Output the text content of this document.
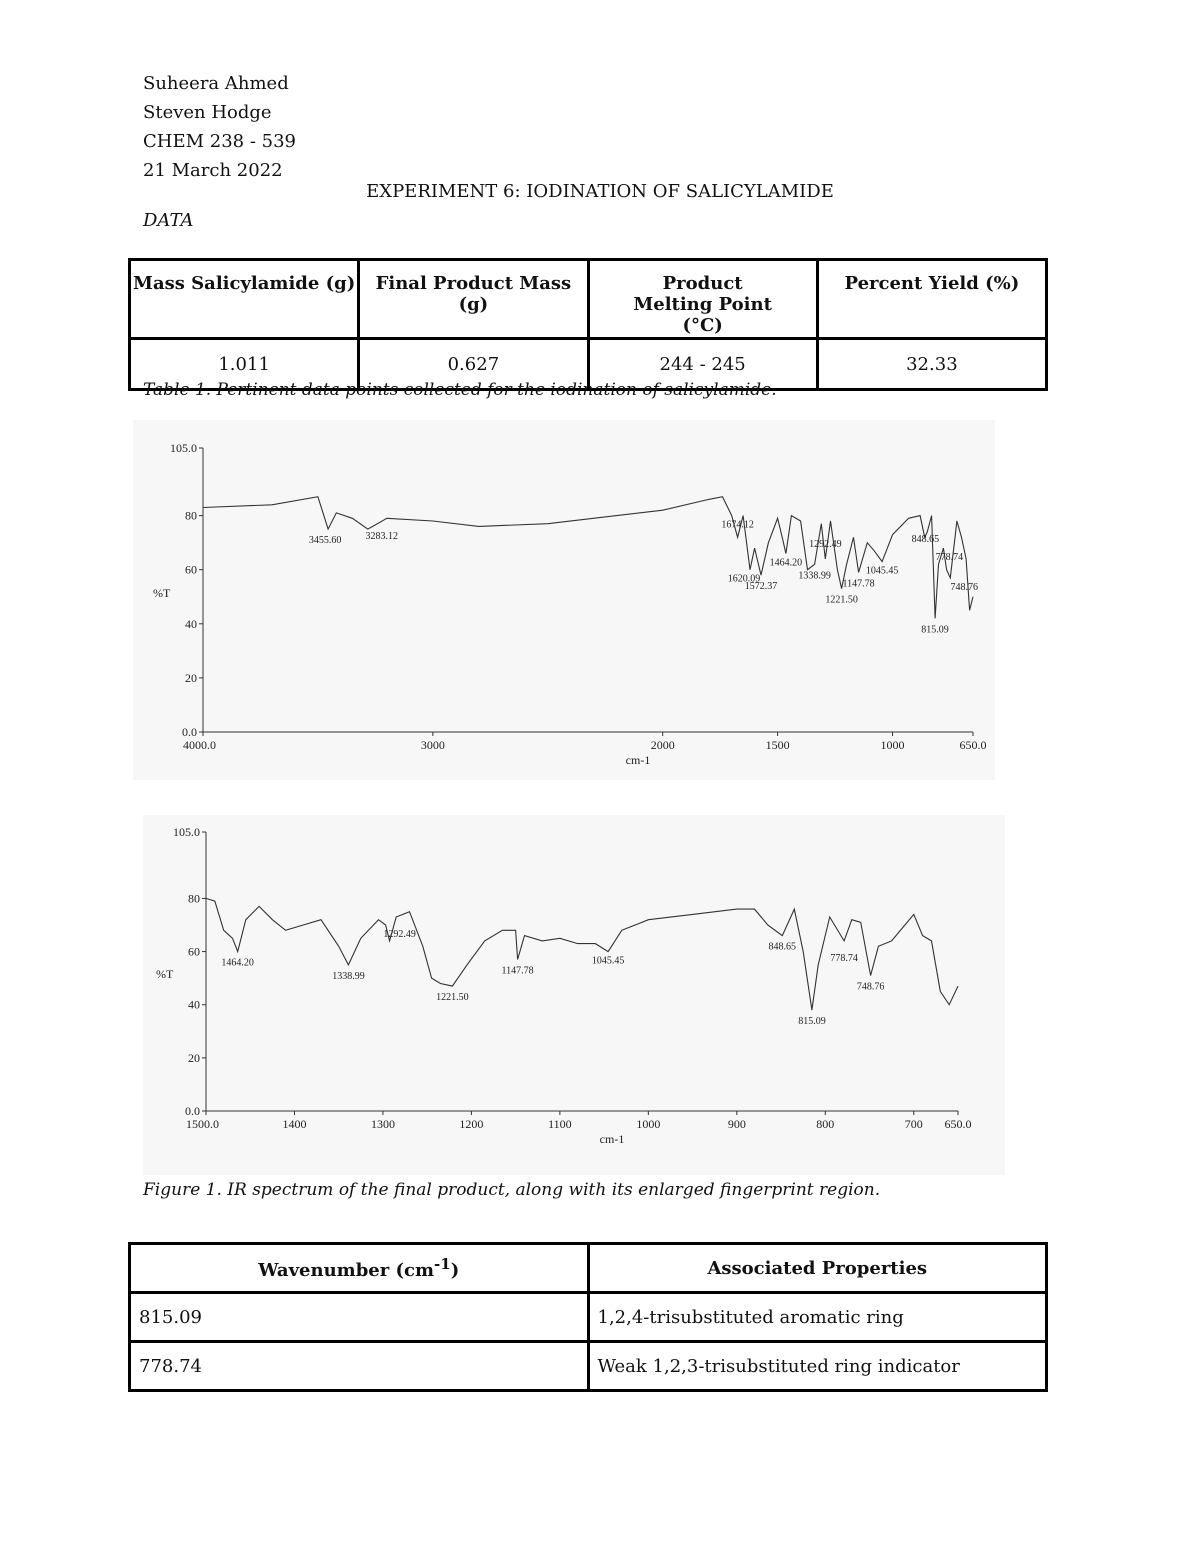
Suheera Ahmed
Steven Hodge
CHEM 238 - 539
21 March 2022
EXPERIMENT 6: IODINATION OF SALICYLAMIDE
DATA
Mass Salicylamide (g)	Final Product Mass (g)	Product Melting Point (°C)	Percent Yield (%)
1.011	0.627	244 - 245	32.33
Table 1. Pertinent data points collected for the iodination of salicylamide.
0.0
20
40
60
80
105.0
4000.0	3000	2000	1500	1000	650.0
cm-1
%T
3455.60 3283.12
1674.12
1620.09
1572.37
1464.20
1338.99
1292.49
1221.50
1147.78
1045.45
848.65
778.74
748.76
815.09
0.0
20
40
60
80
105.0
1500.0	1400	1300	1200	1100	1000	900	800	700 650.0
cm-1
%T
1464.20
1338.99
1292.49
1221.50
1147.78
1045.45
848.65
778.74
748.76
815.09
Figure 1. IR spectrum of the final product, along with its enlarged fingerprint region.
Wavenumber $(cm^{-1})$	Associated Properties
815.09	1,2,4-trisubstituted aromatic ring
778.74	Weak 1,2,3-trisubstituted ring indicator
